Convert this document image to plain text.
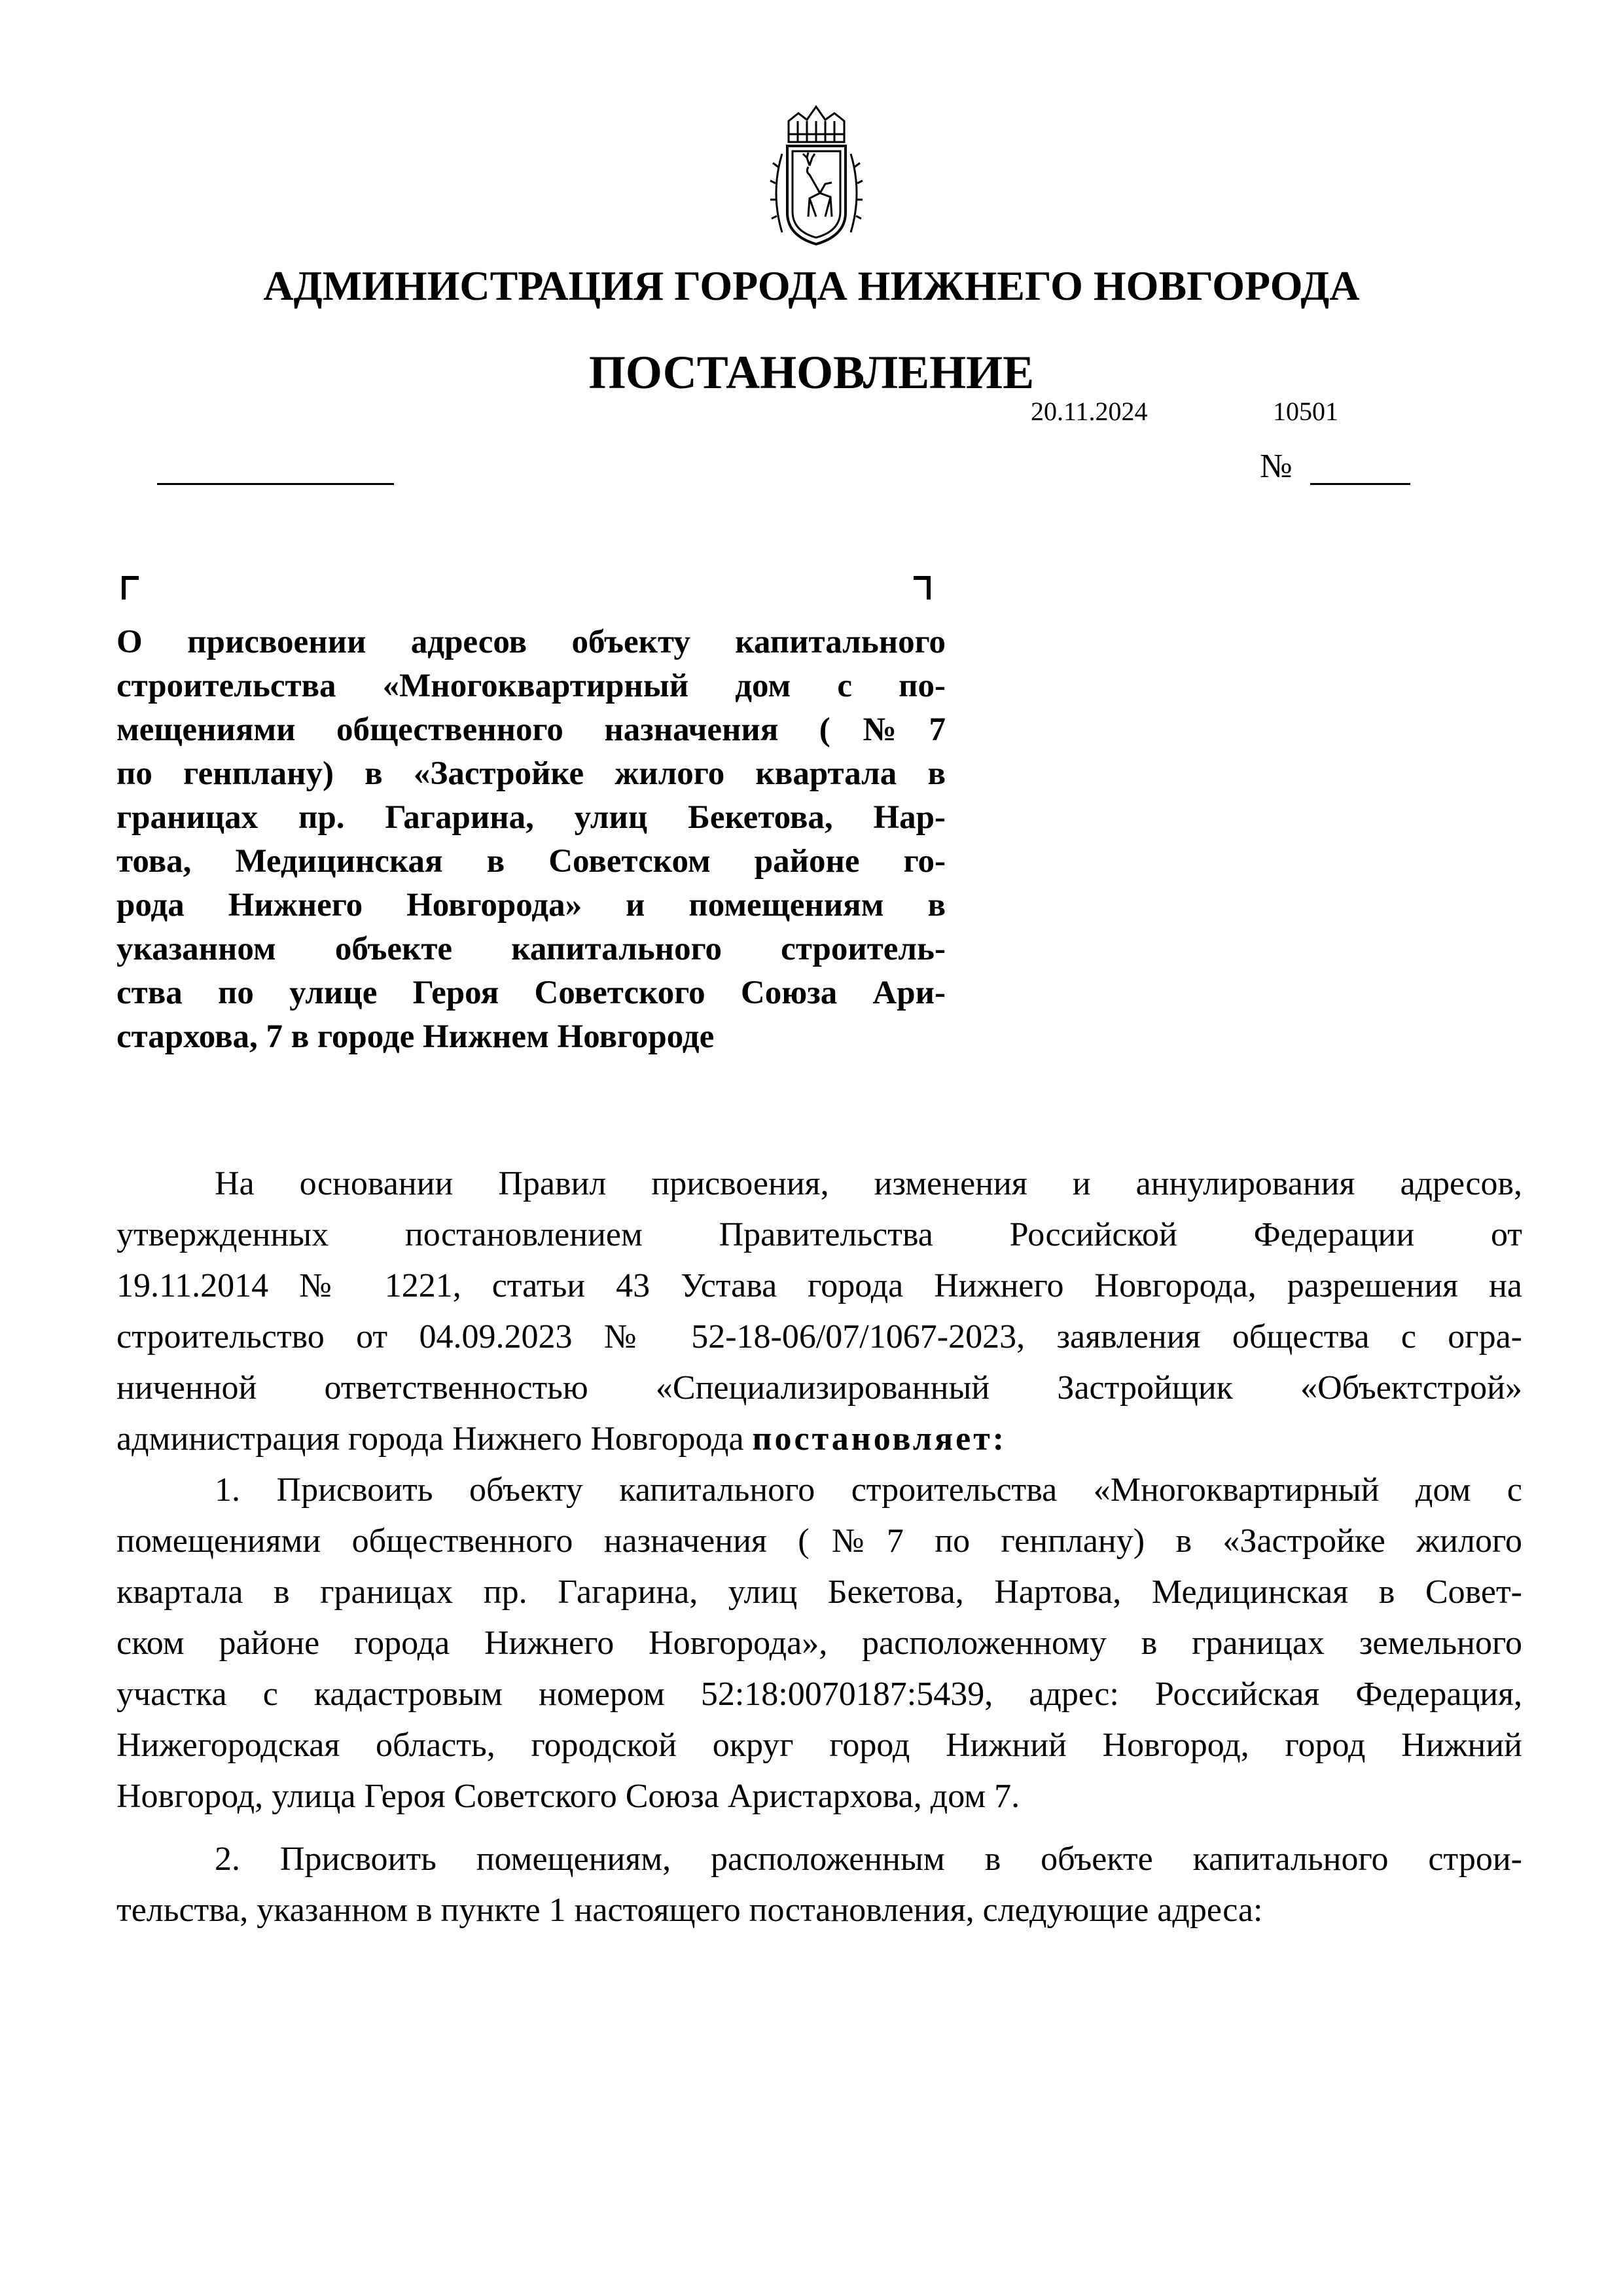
АДМИНИСТРАЦИЯ ГОРОДА НИЖНЕГО НОВГОРОДА
ПОСТАНОВЛЕНИЕ
20.11.2024	10501
№
О присвоении адресов объекту капитального
строительства «Многоквартирный дом с по-
мещениями общественного назначения (№7
по генплану) в «Застройке жилого квартала в
границах пр. Гагарина, улиц Бекетова, Нар-
това, Медицинская в Советском районе го-
рода Нижнего Новгорода» и помещениям в
указанном объекте капитального строитель-
ства по улице Героя Советского Союза Ари-
стархова, 7 в городе Нижнем Новгороде
На основании Правил присвоения, изменения и аннулирования адресов,
утвержденных постановлением Правительства Российской Федерации от
19.11.2014 № 1221, статьи 43 Устава города Нижнего Новгорода, разрешения на
строительство от 04.09.2023 № 52-18-06/07/1067-2023, заявления общества с огра-
ниченной ответственностью «Специализированный Застройщик «Объектстрой»
администрация города Нижнего Новгорода постановляет:
1. Присвоить объекту капитального строительства «Многоквартирный дом с
помещениями общественного назначения (№7 по генплану) в «Застройке жилого
квартала в границах пр. Гагарина, улиц Бекетова, Нартова, Медицинская в Совет-
ском районе города Нижнего Новгорода», расположенному в границах земельного
участка с кадастровым номером 52:18:0070187:5439, адрес: Российская Федерация,
Нижегородская область, городской округ город Нижний Новгород, город Нижний
Новгород, улица Героя Советского Союза Аристархова, дом 7.
2. Присвоить помещениям, расположенным в объекте капитального строи-
тельства, указанном в пункте 1 настоящего постановления, следующие адреса:
